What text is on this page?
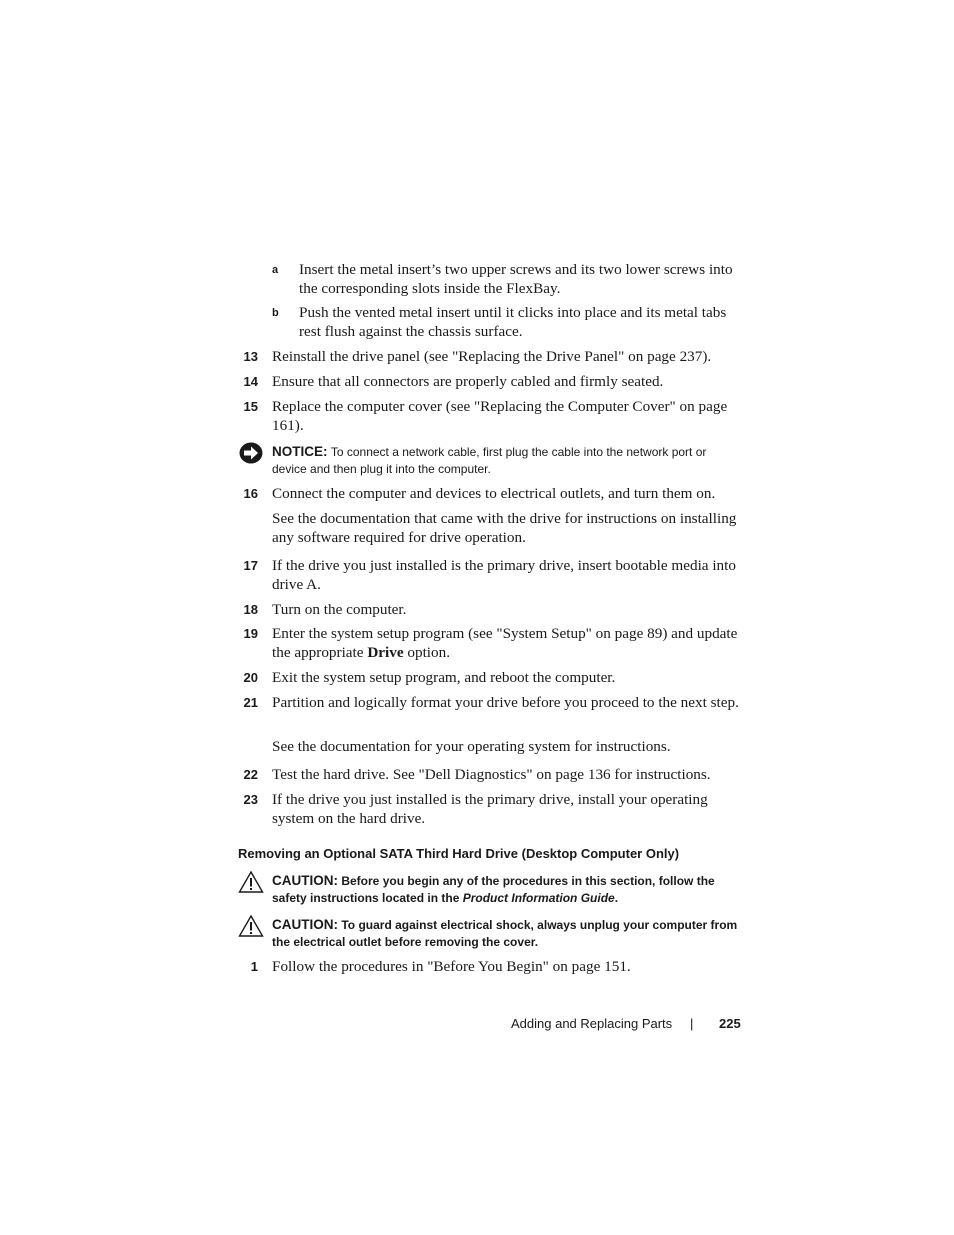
a Insert the metal insert’s two upper screws and its two lower screws into the corresponding slots inside the FlexBay.
b Push the vented metal insert until it clicks into place and its metal tabs rest flush against the chassis surface.
13 Reinstall the drive panel (see "Replacing the Drive Panel" on page 237).
14 Ensure that all connectors are properly cabled and firmly seated.
15 Replace the computer cover (see "Replacing the Computer Cover" on page 161).
NOTICE: To connect a network cable, first plug the cable into the network port or device and then plug it into the computer.
16 Connect the computer and devices to electrical outlets, and turn them on.
See the documentation that came with the drive for instructions on installing any software required for drive operation.
17 If the drive you just installed is the primary drive, insert bootable media into drive A.
18 Turn on the computer.
19 Enter the system setup program (see "System Setup" on page 89) and update the appropriate Drive option.
20 Exit the system setup program, and reboot the computer.
21 Partition and logically format your drive before you proceed to the next step.
See the documentation for your operating system for instructions.
22 Test the hard drive. See "Dell Diagnostics" on page 136 for instructions.
23 If the drive you just installed is the primary drive, install your operating system on the hard drive.
Removing an Optional SATA Third Hard Drive (Desktop Computer Only)
CAUTION: Before you begin any of the procedures in this section, follow the safety instructions located in the Product Information Guide.
CAUTION: To guard against electrical shock, always unplug your computer from the electrical outlet before removing the cover.
1 Follow the procedures in "Before You Begin" on page 151.
Adding and Replacing Parts | 225
